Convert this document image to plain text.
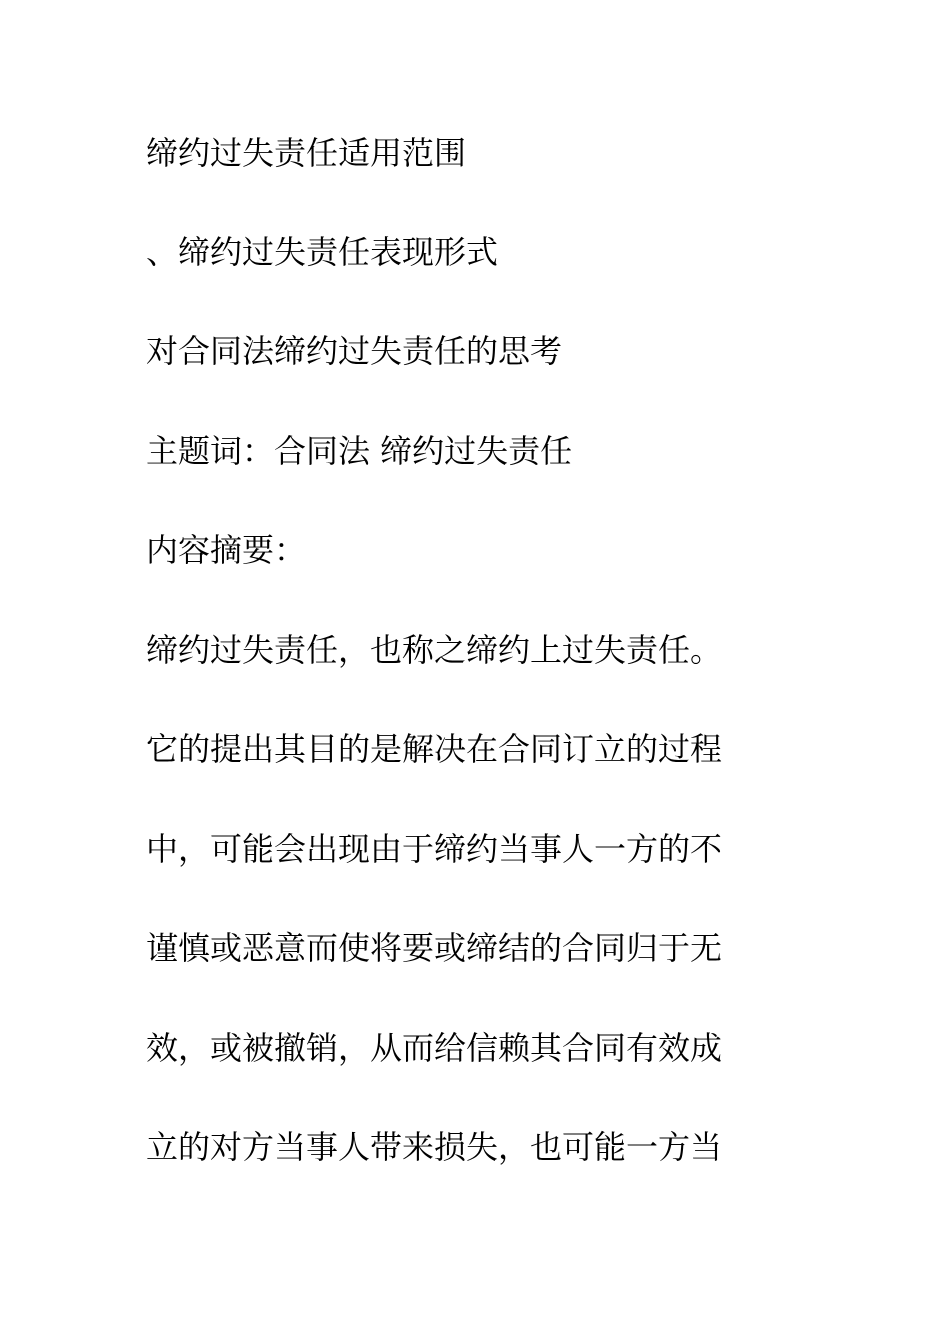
缔约过失责任适用范围

、缔约过失责任表现形式

对合同法缔约过失责任的思考

主题词：合同法 缔约过失责任

内容摘要：

缔约过失责任，也称之缔约上过失责任。

它的提出其目的是解决在合同订立的过程

中，可能会出现由于缔约当事人一方的不

谨慎或恶意而使将要或缔结的合同归于无

效，或被撤销，从而给信赖其合同有效成

立的对方当事人带来损失，也可能一方当
